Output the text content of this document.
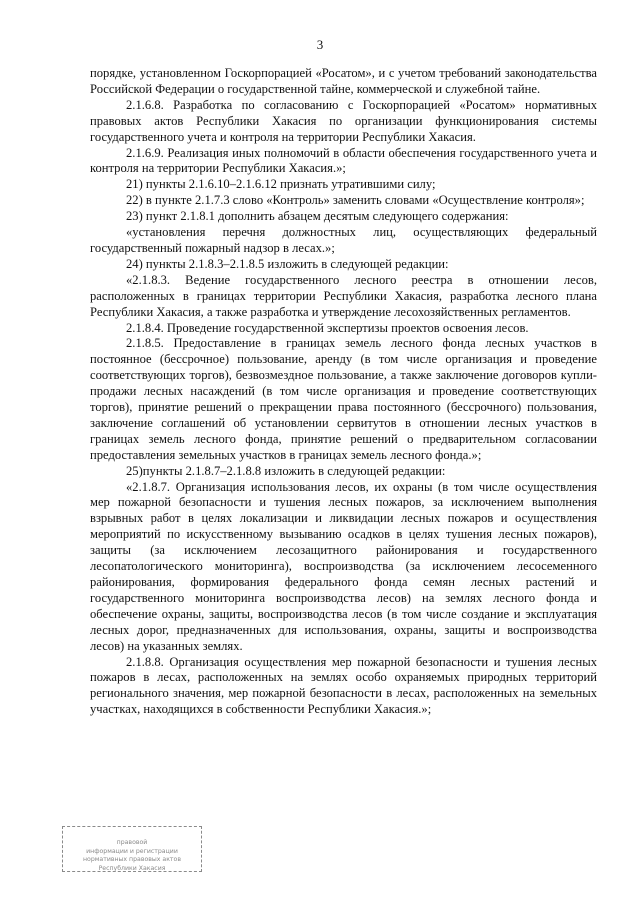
3

порядке, установленном Госкорпорацией «Росатом», и с учетом требований законодательства Российской Федерации о государственной тайне, коммерческой и служебной тайне.

2.1.6.8. Разработка по согласованию с Госкорпорацией «Росатом» нормативных правовых актов Республики Хакасия по организации функционирования системы государственного учета и контроля на территории Республики Хакасия.

2.1.6.9. Реализация иных полномочий в области обеспечения государственного учета и контроля на территории Республики Хакасия.»;

21) пункты 2.1.6.10–2.1.6.12 признать утратившими силу;

22) в пункте 2.1.7.3 слово «Контроль» заменить словами «Осуществление контроля»;

23) пункт 2.1.8.1 дополнить абзацем десятым следующего содержания:

«установления перечня должностных лиц, осуществляющих федеральный государственный пожарный надзор в лесах.»;

24) пункты 2.1.8.3–2.1.8.5 изложить в следующей редакции:

«2.1.8.3. Ведение государственного лесного реестра в отношении лесов, расположенных в границах территории Республики Хакасия, разработка лесного плана Республики Хакасия, а также разработка и утверждение лесохозяйственных регламентов.

2.1.8.4. Проведение государственной экспертизы проектов освоения лесов.

2.1.8.5. Предоставление в границах земель лесного фонда лесных участков в постоянное (бессрочное) пользование, аренду (в том числе организация и проведение соответствующих торгов), безвозмездное пользование, а также заключение договоров купли-продажи лесных насаждений (в том числе организация и проведение соответствующих торгов), принятие решений о прекращении права постоянного (бессрочного) пользования, заключение соглашений об установлении сервитутов в отношении лесных участков в границах земель лесного фонда, принятие решений о предварительном согласовании предоставления земельных участков в границах земель лесного фонда.»;

25)пункты 2.1.8.7–2.1.8.8 изложить в следующей редакции:

«2.1.8.7. Организация использования лесов, их охраны (в том числе осуществления мер пожарной безопасности и тушения лесных пожаров, за исключением выполнения взрывных работ в целях локализации и ликвидации лесных пожаров и осуществления мероприятий по искусственному вызыванию осадков в целях тушения лесных пожаров), защиты (за исключением лесозащитного районирования и государственного лесопатологического мониторинга), воспроизводства (за исключением лесосеменного районирования, формирования федерального фонда семян лесных растений и государственного мониторинга воспроизводства лесов) на землях лесного фонда и обеспечение охраны, защиты, воспроизводства лесов (в том числе создание и эксплуатация лесных дорог, предназначенных для использования, охраны, защиты и воспроизводства лесов) на указанных землях.

2.1.8.8. Организация осуществления мер пожарной безопасности и тушения лесных пожаров в лесах, расположенных на землях особо охраняемых природных территорий регионального значения, мер пожарной безопасности в лесах, расположенных на земельных участках, находящихся в собственности Республики Хакасия.»;

правовой
информации и регистрации
нормативных правовых актов
Республики Хакасия
